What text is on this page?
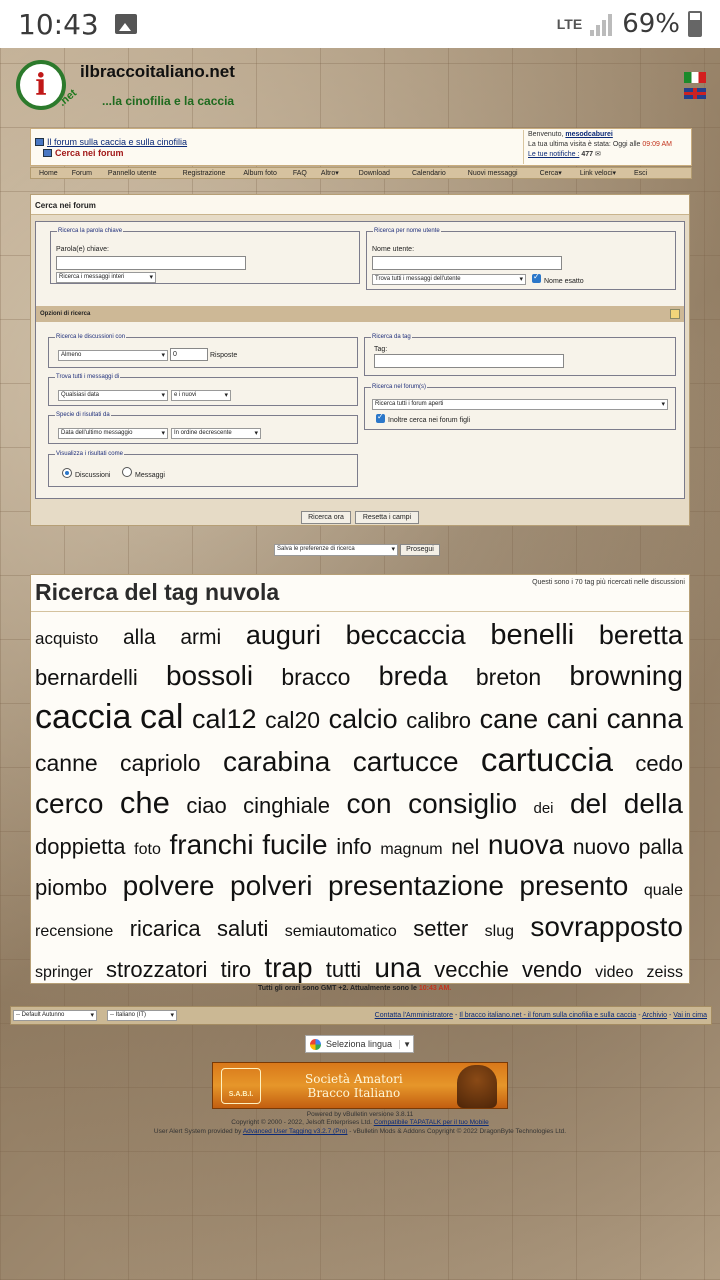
10:43	LTE 69%
i .net
ilbraccoitaliano.net
...la cinofilia e la caccia
Il forum sulla caccia e sulla cinofilia
Cerca nei forum
Benvenuto, mesodcaburei
La tua ultima visita è stata: Oggi alle 09:09 AM
Le tue notifiche : 477 ✉
Home Forum Pannello utente	Registrazione	Album foto FAQ Altro ▾	Download	Calendario	Nuovi messaggi	Cerca ▾	Link veloci ▾	Esci
Cerca nei forum
Ricerca la parola chiave
Parola(e) chiave:
Ricerca i messaggi interi ▾
Ricerca per nome utente
Nome utente:
Trova tutti i messaggi dell'utente ▾
✓	Nome esatto
Opzioni di ricerca
Ricerca le discussioni con
Almeno ▾	0	Risposte
Trova tutti i messaggi di
Qualsiasi data ▾	e i nuovi ▾
Specie di risultati da
Data dell'ultimo messaggio ▾	In ordine decrescente ▾
Visualizza i risultati come
Discussioni	Messaggi
Ricerca da tag
Tag:
Ricerca nel forum(s)
Ricerca tutti i forum aperti ▾
✓
Inoltre cerca nei forum figli
Ricerca ora	Resetta i campi
Salva le preferenze di ricerca ▾	Prosegui
Ricerca del tag nuvola	Questi sono i 70 tag più ricercati nelle discussioni
acquisto alla armi auguri beccaccia benelli beretta bernardelli bossoli bracco breda breton browning caccia cal cal12 cal20 calcio calibro cane cani canna canne capriolo carabina cartucce cartuccia cedo cerco che ciao cinghiale con consiglio dei del della doppietta foto franchi fucile info magnum nel nuova nuovo palla piombo polvere polveri presentazione presento quale recensione ricarica saluti semiautomatico setter slug sovrapposto springer strozzatori tiro trap tutti una vecchie vendo video zeiss
Tutti gli orari sono GMT +2. Attualmente sono le 10:43 AM.
-- Default Autunno ▾	-- Italiano (IT) ▾	Contatta l'Amministratore - Il bracco italiano.net - il forum sulla cinofilia e sulla caccia - Archivio - Vai in cima
Seleziona lingua	▼
S.A.B.I.
Società Amatori
Bracco Italiano
Powered by vBulletin versione 3.8.11
Copyright © 2000 - 2022, Jelsoft Enterprises Ltd. Compatibile TAPATALK per il tuo Mobile
User Alert System provided by Advanced User Tagging v3.2.7 (Pro) - vBulletin Mods & Addons Copyright © 2022 DragonByte Technologies Ltd.
